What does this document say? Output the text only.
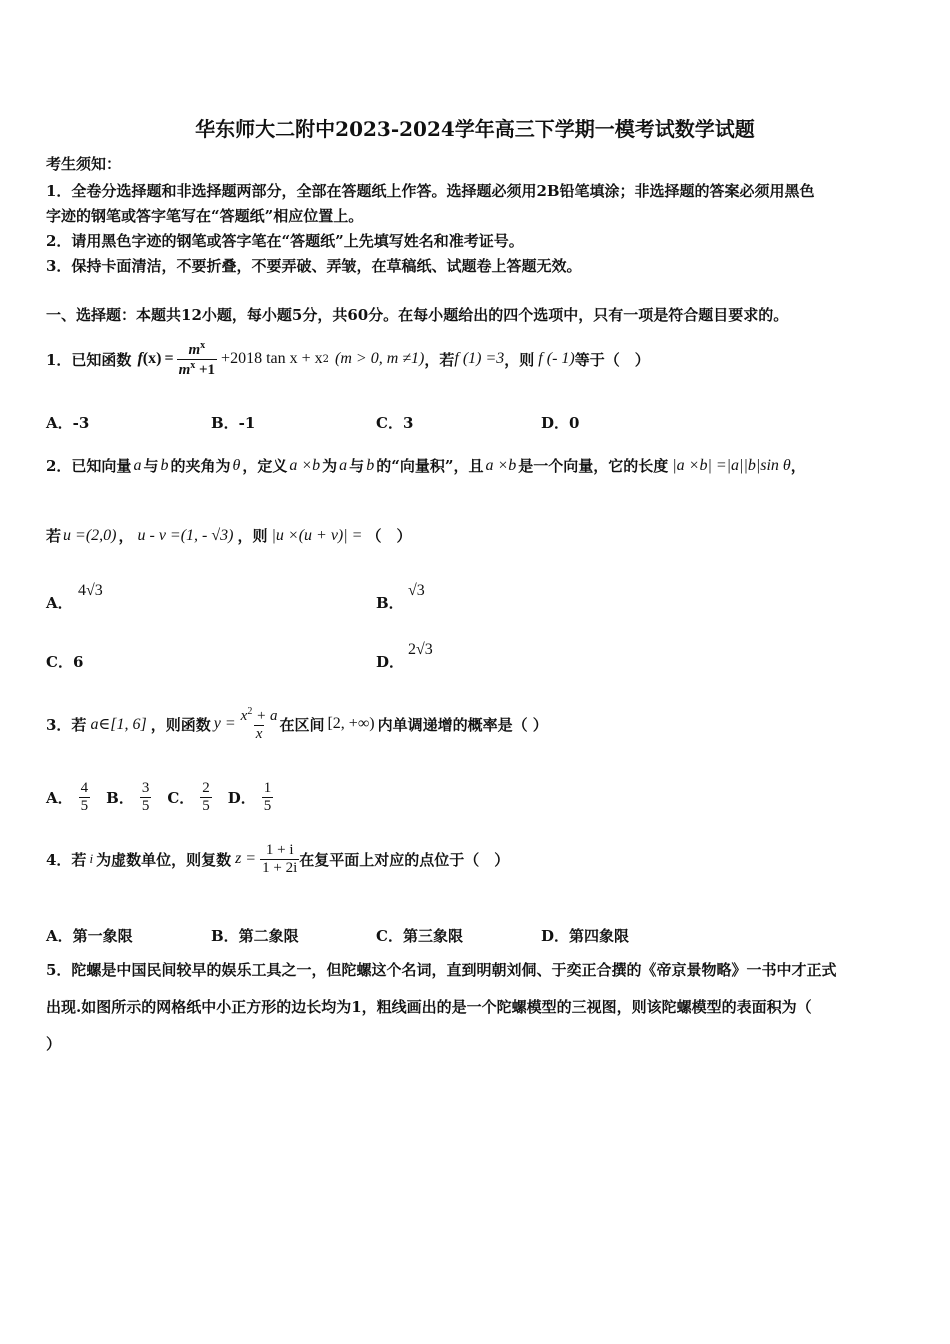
华东师大二附中2023-2024学年高三下学期一模考试数学试题
考生须知：
1．全卷分选择题和非选择题两部分，全部在答题纸上作答。选择题必须用2B铅笔填涂；非选择题的答案必须用黑色
字迹的钢笔或答字笔写在“答题纸”相应位置上。
2．请用黑色字迹的钢笔或答字笔在“答题纸”上先填写姓名和准考证号。
3．保持卡面清洁，不要折叠，不要弄破、弄皱，在草稿纸、试题卷上答题无效。
一、选择题：本题共12小题，每小题5分，共60分。在每小题给出的四个选项中，只有一项是符合题目要求的。
1．已知函数 f $(x) = \frac{m^x}{m^x +1} +2018$ tan x + x 2 (m > 0, m ≠1) ，若 f (1) =3 ，则 f (- 1) 等于（　）
A．-3	B．-1	C．3	D．0
2．已知向量 a 与 b 的夹角为 θ ，定义 a ×b 为 a 与 b 的“向量积”，且 a ×b 是一个向量，它的长度 |a ×b| =|a||b|sin θ ，
若 u =(2,0) ， u - v =(1, - √3) ，则 |u ×(u + v)| = （　）
A．
4√3
B．
√3
C．6	D．
2√3
3．若 a∈[1, 6] ，则函数 $y = \frac{x^2 + a}{x}$ 在区间 [2, +∞) 内单调递增的概率是（ ）
A． $\frac{4}{5}$ B． $\frac{3}{5}$ C． $\frac{2}{5}$ D． $\frac{1}{5}$
4．若 i 为虚数单位，则复数 $z = \frac{1 + i}{1 + 2i}$ 在复平面上对应的点位于（　）
A．第一象限	B．第二象限	C．第三象限	D．第四象限
5．陀螺是中国民间较早的娱乐工具之一，但陀螺这个名词，直到明朝刘侗、于奕正合撰的《帝京景物略》一书中才正式
出现.如图所示的网格纸中小正方形的边长均为1，粗线画出的是一个陀螺模型的三视图，则该陀螺模型的表面积为（
）
